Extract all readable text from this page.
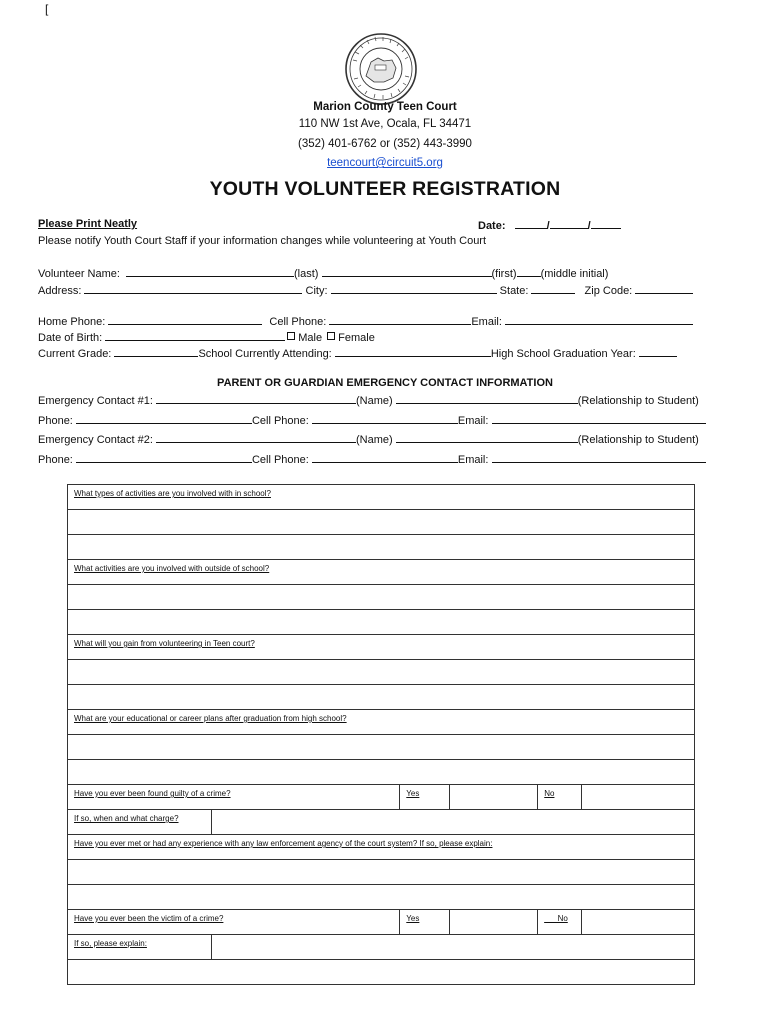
[
Marion County Teen Court
110 NW 1st Ave, Ocala, FL 34471
(352) 401-6762 or (352) 443-3990
teencourt@circuit5.org
YOUTH VOLUNTEER REGISTRATION
Please Print Neatly	Date:	/	/
Please notify Youth Court Staff if your information changes while volunteering at Youth Court
Volunteer Name:	(last)	(first) (middle initial)
Address:	City:	State:	Zip Code:
Home Phone:	Cell Phone:	Email:
Date of Birth:	Male Female
Current Grade:	School Currently Attending:	High School Graduation Year:
PARENT OR GUARDIAN EMERGENCY CONTACT INFORMATION
Emergency Contact #1:	(Name)	(Relationship to Student)
Phone:	Cell Phone:	Email:
Emergency Contact #2:	(Name)	(Relationship to Student)
Phone:	Cell Phone:	Email:
What types of activities are you involved with in school?					

What activities are you involved with outside of school?					

What will you gain from volunteering in Teen court?					

What are your educational or career plans after graduation from high school?					

Have you ever been found guilty of a crime?		Yes		No	
If so, when and what charge?					
Have you ever met or had any experience with any law enforcement agency of the court system? If so, please explain:					

Have you ever been the victim of a crime?		Yes		___No	
If so, please explain:					
